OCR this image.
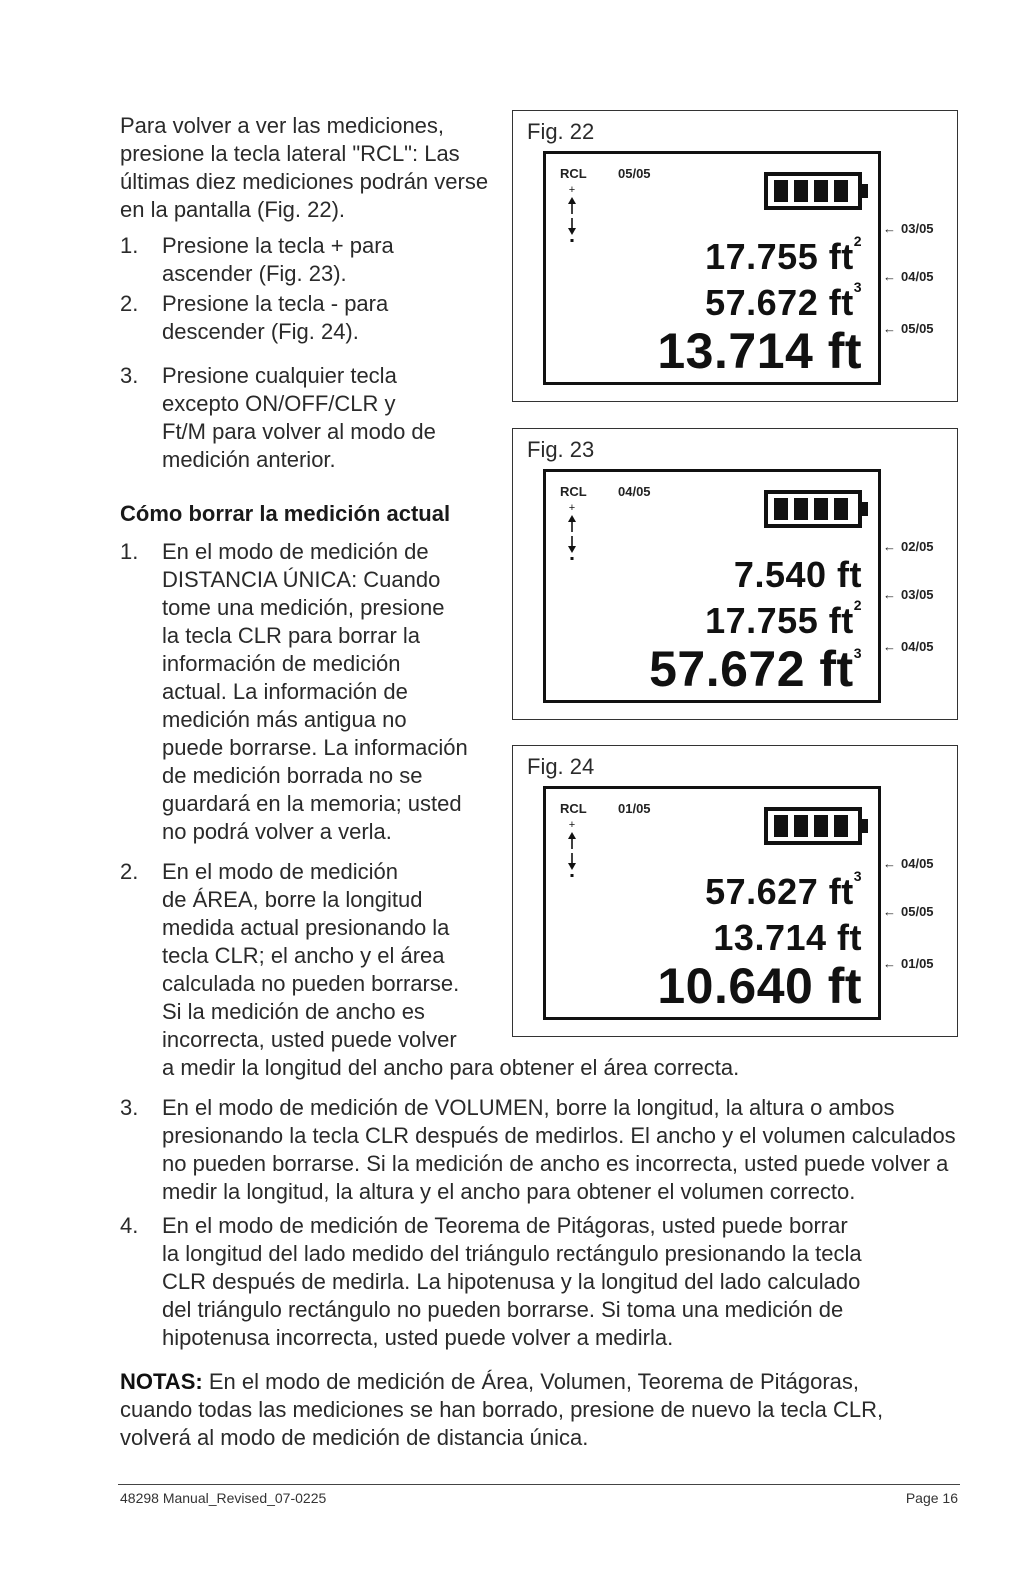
Para volver a ver las mediciones, presione la tecla lateral "RCL": Las últimas diez mediciones podrán verse en la pantalla (Fig. 22).
1. Presione la tecla + para
ascender (Fig. 23).
2. Presione la tecla - para
descender (Fig. 24).
3. Presione cualquier tecla
excepto ON/OFF/CLR y
Ft/M para volver al modo de
medición anterior.
Cómo borrar la medición actual
1. En el modo de medición de
DISTANCIA ÚNICA: Cuando
tome una medición, presione
la tecla CLR para borrar la
información de medición
actual. La información de
medición más antigua no
puede borrarse. La información
de medición borrada no se
guardará en la memoria; usted
no podrá volver a verla.
2. En el modo de medición
de ÁREA, borre la longitud
medida actual presionando la
tecla CLR; el ancho y el área
calculada no pueden borrarse.
Si la medición de ancho es
incorrecta, usted puede volver
a medir la longitud del ancho para obtener el área correcta.
3. En el modo de medición de VOLUMEN, borre la longitud, la altura o ambos
presionando la tecla CLR después de medirlos. El ancho y el volumen calculados
no pueden borrarse. Si la medición de ancho es incorrecta, usted puede volver a
medir la longitud, la altura y el ancho para obtener el volumen correcto.
4. En el modo de medición de Teorema de Pitágoras, usted puede borrar
la longitud del lado medido del triángulo rectángulo presionando la tecla
CLR después de medirla. La hipotenusa y la longitud del lado calculado
del triángulo rectángulo no pueden borrarse. Si toma una medición de
hipotenusa incorrecta, usted puede volver a medirla.
NOTAS: En el modo de medición de Área, Volumen, Teorema de Pitágoras,
cuando todas las mediciones se han borrado, presione de nuevo la tecla CLR,
volverá al modo de medición de distancia única.
Fig. 22
← 03/05
← 04/05
← 05/05
RCL 05/05
+
17.755 $ft^2$
57.672 $ft^3$
13.714 ft
Fig. 23
← 02/05
← 03/05
← 04/05
RCL 04/05
+
7.540 ft
17.755 $ft^2$
57.672 $ft^3$
Fig. 24
← 04/05
← 05/05
← 01/05
RCL 01/05
+
57.627 $ft^3$
13.714 ft
10.640 ft
48298 Manual_Revised_07-0225	Page 16
